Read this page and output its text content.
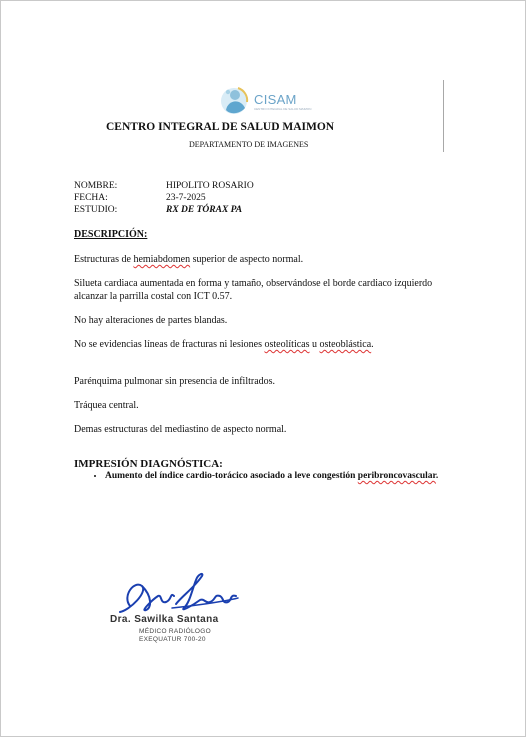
CISAM
CENTRO INTEGRAL DE SALUD MAIMON
CENTRO INTEGRAL DE SALUD MAIMON
DEPARTAMENTO DE IMAGENES
NOMBRE:	HIPOLITO ROSARIO
FECHA:	23-7-2025
ESTUDIO:	RX DE TÓRAX PA
DESCRIPCIÓN:
Estructuras de hemiabdomen superior de aspecto normal.
Silueta cardiaca aumentada en forma y tamaño, observándose el borde cardiaco izquierdo alcanzar la parrilla costal con ICT 0.57.
No hay alteraciones de partes blandas.
No se evidencias líneas de fracturas ni lesiones osteolíticas u osteoblástica.
Parénquima pulmonar sin presencia de infiltrados.
Tráquea central.
Demas estructuras del mediastino de aspecto normal.
IMPRESIÓN DIAGNÓSTICA:
• Aumento del índice cardio-torácico asociado a leve congestión peribroncovascular.
Dra. Sawilka Santana
MÉDICO RADIÓLOGO
EXEQUATUR 700-20
